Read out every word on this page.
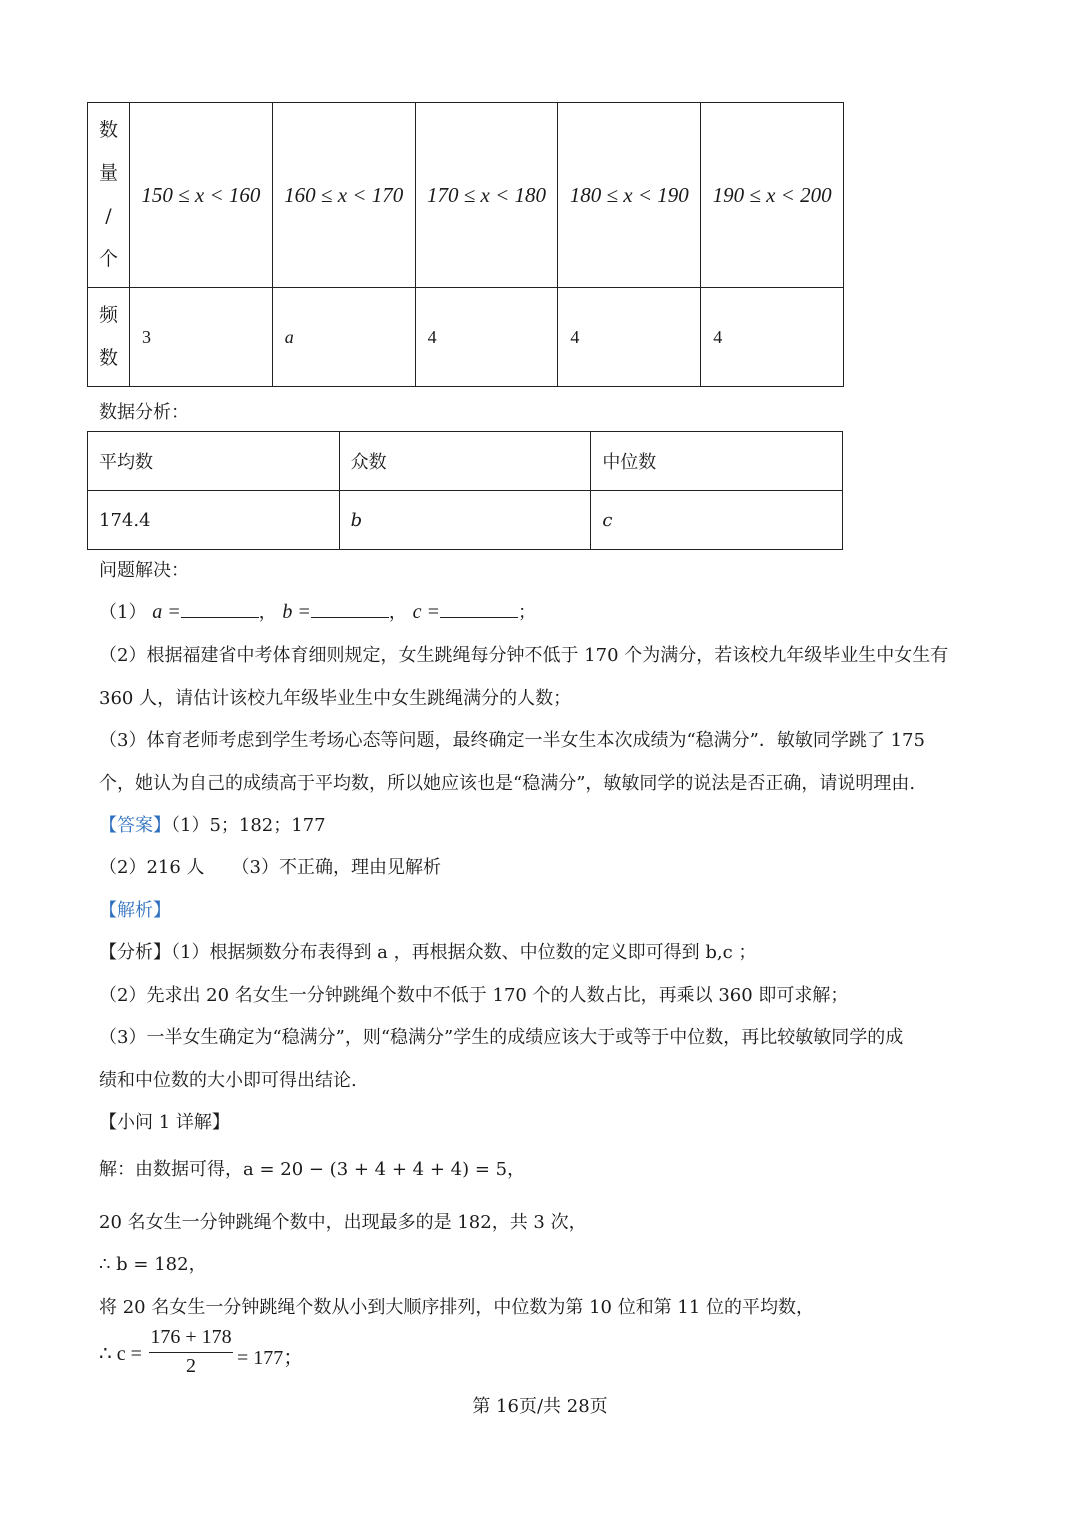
数
量
/
个	150 ≤ x < 160	160 ≤ x < 170	170 ≤ x < 180	180 ≤ x < 190	190 ≤ x < 200

频
数	3	a	4	4	4
数据分析：
平均数	众数	中位数
174.4	b	c
问题解决：
（1） a =	， b =	， c =	；
（2）根据福建省中考体育细则规定，女生跳绳每分钟不低于 170 个为满分，若该校九年级毕业生中女生有
360 人，请估计该校九年级毕业生中女生跳绳满分的人数；
（3）体育老师考虑到学生考场心态等问题，最终确定一半女生本次成绩为“稳满分”．敏敏同学跳了 175
个，她认为自己的成绩高于平均数，所以她应该也是“稳满分”，敏敏同学的说法是否正确，请说明理由.
【答案】（1）5；182；177
（2）216 人　　（3）不正确，理由见解析
【解析】
【分析】（1）根据频数分布表得到 a ，再根据众数、中位数的定义即可得到 b,c ；
（2）先求出 20 名女生一分钟跳绳个数中不低于 170 个的人数占比，再乘以 360 即可求解；
（3）一半女生确定为“稳满分”，则“稳满分”学生的成绩应该大于或等于中位数，再比较敏敏同学的成
绩和中位数的大小即可得出结论.
【小问 1 详解】
解：由数据可得，a = 20 − (3 + 4 + 4 + 4) = 5，
20 名女生一分钟跳绳个数中，出现最多的是 182，共 3 次，
∴ b = 182，
将 20 名女生一分钟跳绳个数从小到大顺序排列，中位数为第 10 位和第 11 位的平均数，
∴ c =
176 + 178
2	= 177；
第 16页/共 28页
